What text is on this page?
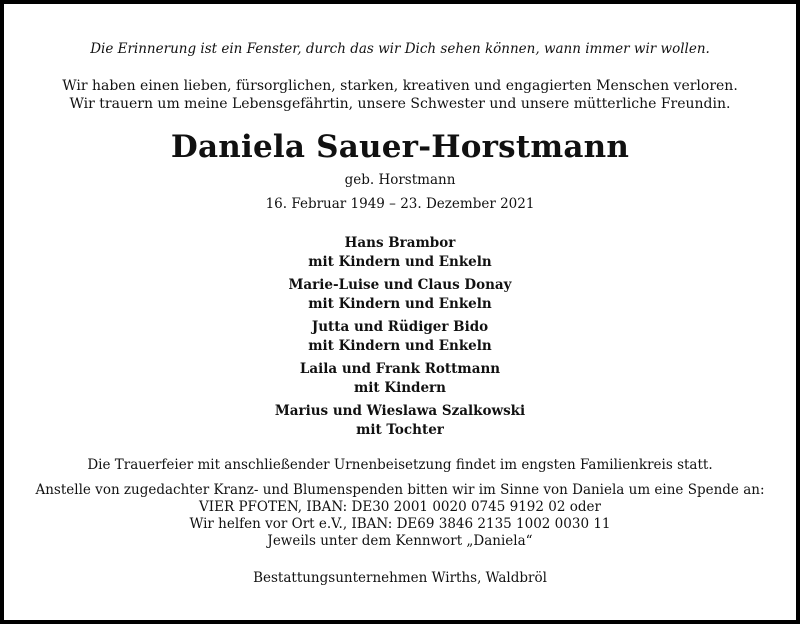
Die Erinnerung ist ein Fenster, durch das wir Dich sehen können, wann immer wir wollen.
Wir haben einen lieben, fürsorglichen, starken, kreativen und engagierten Menschen verloren.
Wir trauern um meine Lebensgefährtin, unsere Schwester und unsere mütterliche Freundin.
Daniela Sauer-Horstmann
geb. Horstmann
16. Februar 1949 – 23. Dezember 2021
Hans Brambor
mit Kindern und Enkeln
Marie-Luise und Claus Donay
mit Kindern und Enkeln
Jutta und Rüdiger Bido
mit Kindern und Enkeln
Laila und Frank Rottmann
mit Kindern
Marius und Wieslawa Szalkowski
mit Tochter
Die Trauerfeier mit anschließender Urnenbeisetzung findet im engsten Familienkreis statt.
Anstelle von zugedachter Kranz- und Blumenspenden bitten wir im Sinne von Daniela um eine Spende an:
VIER PFOTEN, IBAN: DE30 2001 0020 0745 9192 02 oder
Wir helfen vor Ort e.V., IBAN: DE69 3846 2135 1002 0030 11
Jeweils unter dem Kennwort „Daniela“
Bestattungsunternehmen Wirths, Waldbröl
